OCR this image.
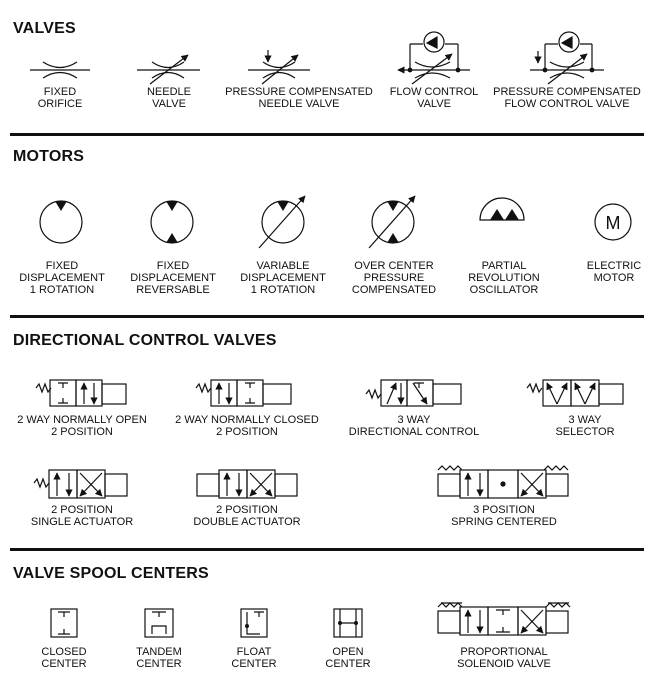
VALVES
MOTORS
DIRECTIONAL CONTROL VALVES
VALVE SPOOL CENTERS
M
FIXED
ORIFICE
NEEDLE
VALVE
PRESSURE COMPENSATED
NEEDLE VALVE
FLOW CONTROL
VALVE
PRESSURE COMPENSATED
FLOW CONTROL VALVE
FIXED
DISPLACEMENT
1 ROTATION
FIXED
DISPLACEMENT
REVERSABLE
VARIABLE
DISPLACEMENT
1 ROTATION
OVER CENTER
PRESSURE
COMPENSATED
PARTIAL
REVOLUTION
OSCILLATOR
ELECTRIC
MOTOR
2 WAY NORMALLY OPEN
2 POSITION
2 WAY NORMALLY CLOSED
2 POSITION
3 WAY
DIRECTIONAL CONTROL
3 WAY
SELECTOR
2 POSITION
SINGLE ACTUATOR
2 POSITION
DOUBLE ACTUATOR
3 POSITION
SPRING CENTERED
CLOSED
CENTER
TANDEM
CENTER
FLOAT
CENTER
OPEN
CENTER
PROPORTIONAL
SOLENOID VALVE
